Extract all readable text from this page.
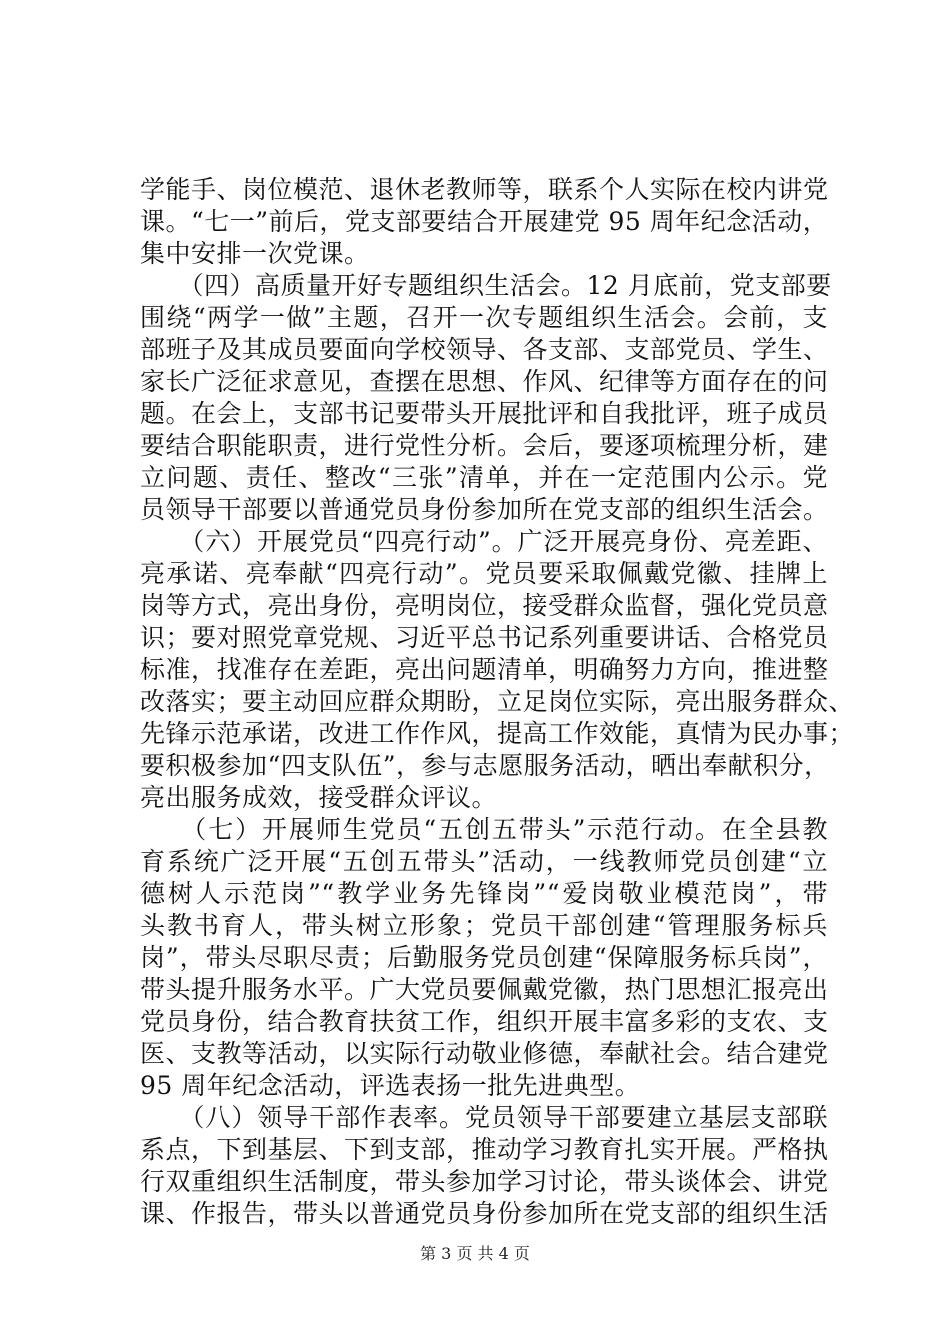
学能手、岗位模范、退休老教师等，联系个人实际在校内讲党
课。“七一”前后，党支部要结合开展建党 95 周年纪念活动，
集中安排一次党课。
　　（四）高质量开好专题组织生活会。12 月底前，党支部要
围绕“两学一做”主题，召开一次专题组织生活会。会前，支
部班子及其成员要面向学校领导、各支部、支部党员、学生、
家长广泛征求意见，查摆在思想、作风、纪律等方面存在的问
题。在会上，支部书记要带头开展批评和自我批评，班子成员
要结合职能职责，进行党性分析。会后，要逐项梳理分析，建
立问题、责任、整改“三张”清单，并在一定范围内公示。党
员领导干部要以普通党员身份参加所在党支部的组织生活会。
　　（六）开展党员“四亮行动”。广泛开展亮身份、亮差距、
亮承诺、亮奉献“四亮行动”。党员要采取佩戴党徽、挂牌上
岗等方式，亮出身份，亮明岗位，接受群众监督，强化党员意
识；要对照党章党规、习近平总书记系列重要讲话、合格党员
标准，找准存在差距，亮出问题清单，明确努力方向，推进整
改落实；要主动回应群众期盼，立足岗位实际，亮出服务群众、
先锋示范承诺，改进工作作风，提高工作效能，真情为民办事；
要积极参加“四支队伍”，参与志愿服务活动，晒出奉献积分，
亮出服务成效，接受群众评议。
　　（七）开展师生党员“五创五带头”示范行动。在全县教
育系统广泛开展“五创五带头”活动，一线教师党员创建“立
德树人示范岗”“教学业务先锋岗”“爱岗敬业模范岗”，带
头教书育人，带头树立形象；党员干部创建“管理服务标兵
岗”，带头尽职尽责；后勤服务党员创建“保障服务标兵岗”，
带头提升服务水平。广大党员要佩戴党徽，热门思想汇报亮出
党员身份，结合教育扶贫工作，组织开展丰富多彩的支农、支
医、支教等活动，以实际行动敬业修德，奉献社会。结合建党
95 周年纪念活动，评选表扬一批先进典型。
　　（八）领导干部作表率。党员领导干部要建立基层支部联
系点，下到基层、下到支部，推动学习教育扎实开展。严格执
行双重组织生活制度，带头参加学习讨论，带头谈体会、讲党
课、作报告，带头以普通党员身份参加所在党支部的组织生活
第 3 页 共 4 页
